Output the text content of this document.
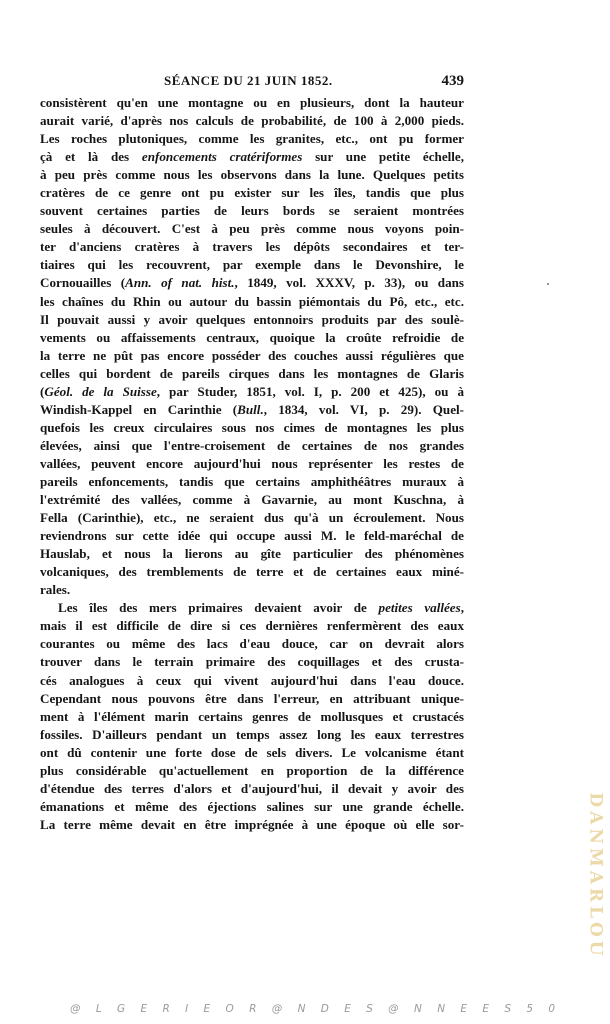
SÉANCE DU 21 JUIN 1852.	439
consistèrent qu'en une montagne ou en plusieurs, dont la hauteur
aurait varié, d'après nos calculs de probabilité, de 100 à 2,000 pieds.
Les roches plutoniques, comme les granites, etc., ont pu former
çà et là des enfoncements cratériformes sur une petite échelle,
à peu près comme nous les observons dans la lune. Quelques petits
cratères de ce genre ont pu exister sur les îles, tandis que plus
souvent certaines parties de leurs bords se seraient montrées
seules à découvert. C'est à peu près comme nous voyons poin-
ter d'anciens cratères à travers les dépôts secondaires et ter-
tiaires qui les recouvrent, par exemple dans le Devonshire, le
Cornouailles (Ann. of nat. hist., 1849, vol. XXXV, p. 33), ou dans
les chaînes du Rhin ou autour du bassin piémontais du Pô, etc., etc.
Il pouvait aussi y avoir quelques entonnoirs produits par des soulè-
vements ou affaissements centraux, quoique la croûte refroidie de
la terre ne pût pas encore posséder des couches aussi régulières que
celles qui bordent de pareils cirques dans les montagnes de Glaris
(Géol. de la Suisse, par Studer, 1851, vol. I, p. 200 et 425), ou à
Windish-Kappel en Carinthie (Bull., 1834, vol. VI, p. 29). Quel-
quefois les creux circulaires sous nos cimes de montagnes les plus
élevées, ainsi que l'entre-croisement de certaines de nos grandes
vallées, peuvent encore aujourd'hui nous représenter les restes de
pareils enfoncements, tandis que certains amphithéâtres muraux à
l'extrémité des vallées, comme à Gavarnie, au mont Kuschna, à
Fella (Carinthie), etc., ne seraient dus qu'à un écroulement. Nous
reviendrons sur cette idée qui occupe aussi M. le feld-maréchal de
Hauslab, et nous la lierons au gîte particulier des phénomènes
volcaniques, des tremblements de terre et de certaines eaux miné-
rales.
Les îles des mers primaires devaient avoir de petites vallées,
mais il est difficile de dire si ces dernières renfermèrent des eaux
courantes ou même des lacs d'eau douce, car on devrait alors
trouver dans le terrain primaire des coquillages et des crusta-
cés analogues à ceux qui vivent aujourd'hui dans l'eau douce.
Cependant nous pouvons être dans l'erreur, en attribuant unique-
ment à l'élément marin certains genres de mollusques et crustacés
fossiles. D'ailleurs pendant un temps assez long les eaux terrestres
ont dû contenir une forte dose de sels divers. Le volcanisme étant
plus considérable qu'actuellement en proportion de la différence
d'étendue des terres d'alors et d'aujourd'hui, il devait y avoir des
émanations et même des éjections salines sur une grande échelle.
La terre même devait en être imprégnée à une époque où elle sor-	DANMARLOU
@ L G E R I E O R @ N D E S @ N N E E S 5 0
